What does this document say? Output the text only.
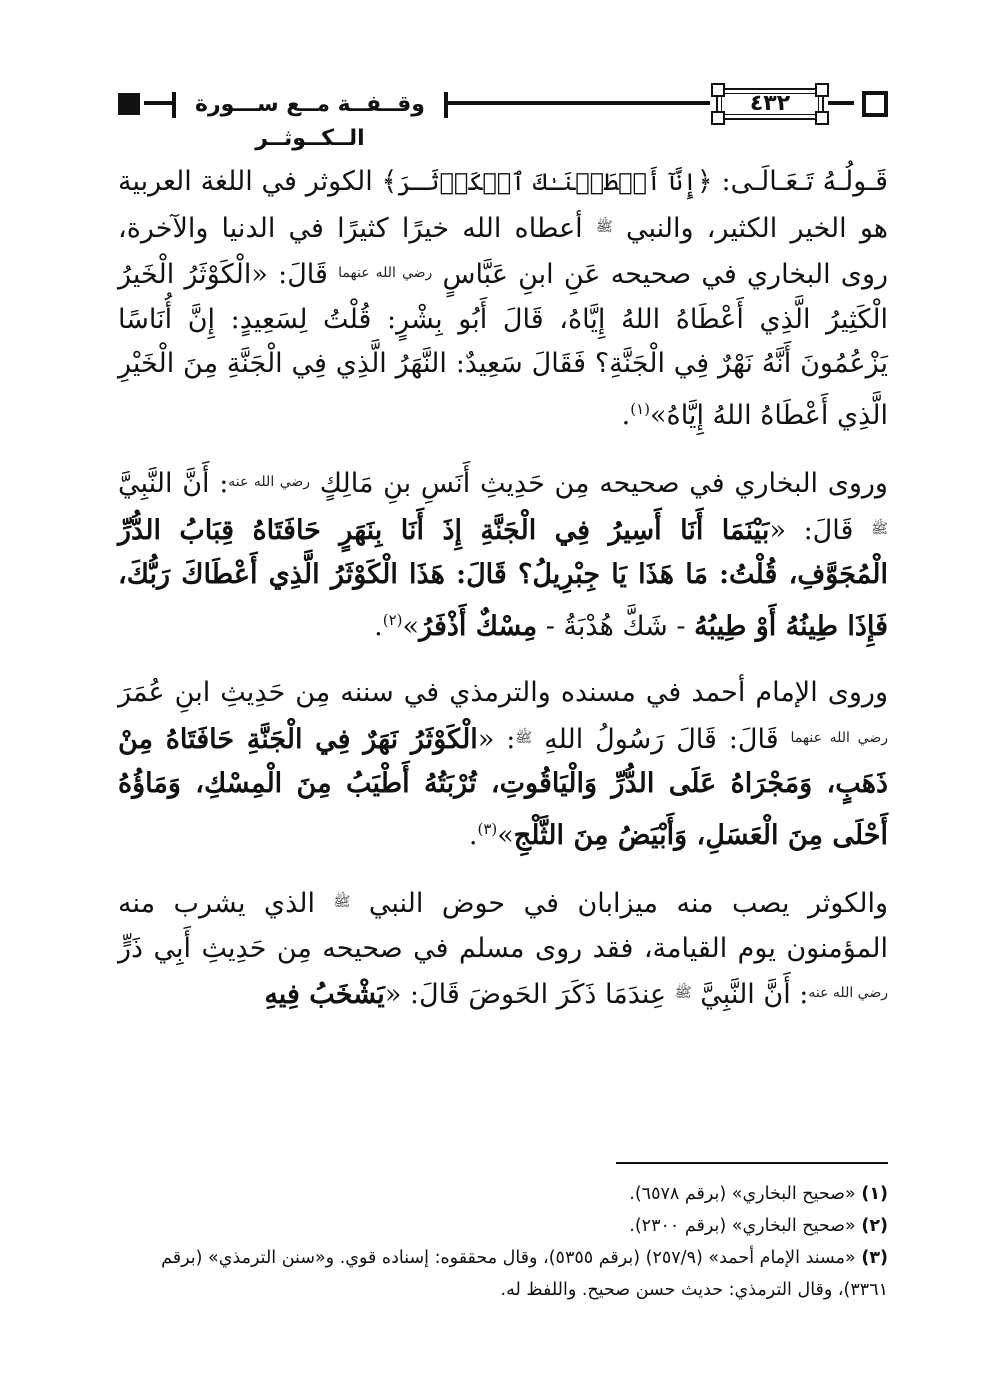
وقــفــة مــع ســـورة الــكــوثــر
٤٣٢

قَـولُـهُ تَـعَـالَـى: ﴿إِنَّآ أَعۡطَيۡنَـٰكَ ٱلۡكَوۡثَـرَ﴾ الكوثر في اللغة العربية هو الخير الكثير، والنبي $^ﷺ$ أعطاه الله خيرًا كثيرًا في الدنيا والآخرة، روى البخاري في صحيحه عَنِ ابنِ عَبَّاسٍ $^{رضي الله عنهما}$ قَالَ: «الْكَوْثَرُ الْخَيرُ الْكَثِيرُ الَّذِي أَعْطَاهُ اللهُ إِيَّاهُ، قَالَ أَبُو بِشْرٍ: قُلْتُ لِسَعِيدٍ: إِنَّ أُنَاسًا يَزْعُمُونَ أَنَّهُ نَهْرٌ فِي الْجَنَّةِ؟ فَقَالَ سَعِيدٌ: النَّهَرُ الَّذِي فِي الْجَنَّةِ مِنَ الْخَيْرِ الَّذِي أَعْطَاهُ اللهُ إِيَّاهُ»$^{(١)}$.

وروى البخاري في صحيحه مِن حَدِيثِ أَنَسِ بنِ مَالِكٍ $^{رضي الله عنه}$: أَنَّ النَّبِيَّ $^ﷺ$ قَالَ: «بَيْنَمَا أَنَا أَسِيرُ فِي الْجَنَّةِ إِذَ أَنَا بِنَهَرٍ حَافَتَاهُ قِبَابُ الدُّرِّ الْمُجَوَّفِ، قُلْتُ: مَا هَذَا يَا جِبْرِيلُ؟ قَالَ: هَذَا الْكَوْثَرُ الَّذِي أَعْطَاكَ رَبُّكَ، فَإِذَا طِينُهُ أَوْ طِيبُهُ - شَكَّ هُدْبَةُ - مِسْكٌ أَذْفَرُ»$^{(٢)}$.

وروى الإمام أحمد في مسنده والترمذي في سننه مِن حَدِيثِ ابنِ عُمَرَ $^{رضي الله عنهما}$ قَالَ: قَالَ رَسُولُ اللهِ $^ﷺ$: «الْكَوْثَرُ نَهَرٌ فِي الْجَنَّةِ حَافَتَاهُ مِنْ ذَهَبٍ، وَمَجْرَاهُ عَلَى الدُّرِّ وَالْيَاقُوتِ، تُرْبَتُهُ أَطْيَبُ مِنَ الْمِسْكِ، وَمَاؤُهُ أَحْلَى مِنَ الْعَسَلِ، وَأَبْيَضُ مِنَ الثَّلْجِ»$^{(٣)}$.

والكوثر يصب منه ميزابان في حوض النبي $^ﷺ$ الذي يشرب منه المؤمنون يوم القيامة، فقد روى مسلم في صحيحه مِن حَدِيثِ أَبِي ذَرٍّ $^{رضي الله عنه}$: أَنَّ النَّبِيَّ $^ﷺ$ عِندَمَا ذَكَرَ الحَوضَ قَالَ: «يَشْخَبُ فِيهِ

(١) «صحيح البخاري» (برقم ٦٥٧٨).

(٢) «صحيح البخاري» (برقم ٢٣٠٠).

(٣) «مسند الإمام أحمد» (٢٥٧/٩) (برقم ٥٣٥٥)، وقال محققوه: إسناده قوي. و«سنن الترمذي» (برقم ٣٣٦١)، وقال الترمذي: حديث حسن صحيح. واللفظ له.
